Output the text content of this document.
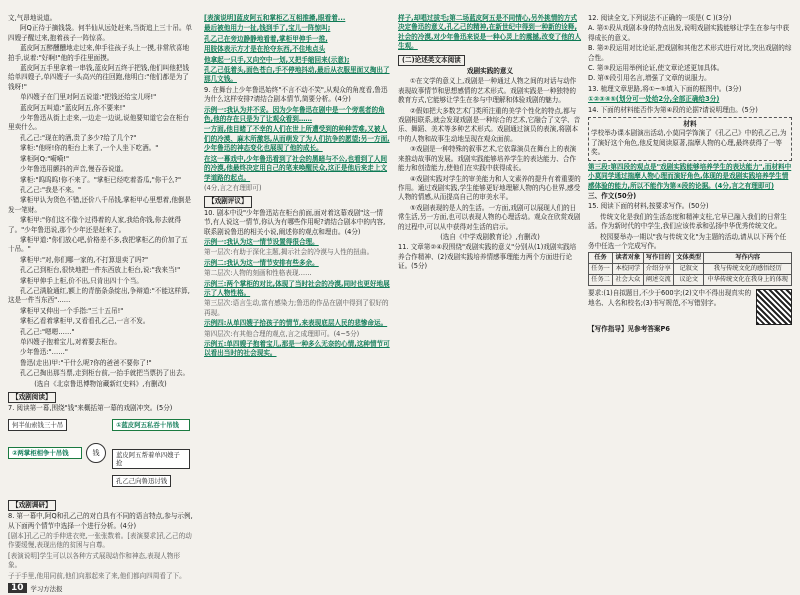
文,气昂地说道。

阿Q正待于摘钱袋。何半仙从远处赶来,当街追上三十吊。单四嫂子醒过来,抱着孩子一阵惊喜。

蓝皮阿五醉醺醺地走过来,伸手往孩子头上一摸,非常欣喜地拍手,说着:"好啊!"他的手往里面摸。

蓝皮阿五手里拿着一串钱,蓝皮阿五终于把钱,他们叫他把钱给单四嫂子,单四嫂子一头高兴的往回跑,他明白:"他们都是为了钱呀!"

单四嫂子在门里对阿五说道:"把钱还给宝儿呀!"

蓝皮阿五叫道:"蓝皮阿五,你不要来!"

少年鲁迅从街上走来,一边走一边说,说他要知道它会在柜台里卖什么。

孔乙己:"现在的酒,贵了多少?给了几个?"

掌柜:"他呀!你的柜台上来了,一个人坐下吃酒。"

掌柜阿Q:"嗬嗬!"

少年鲁迅用颤抖的声音,慢吞吞说道。

掌柜:"呜呜呜!你不来了。"掌柜已经吃着香瓜,"你干么?"

孔乙己:"我是不来。"

掌柜甲认为货色不错,还价八千吊钱,掌柜甲心里想着,他倒是发一笔财。

掌柜甲:"你们这不像个过得着的人家,我给你钱,你去就得了。"少年鲁迅说,那个少年还是赶来了。

掌柜甲道:"你们放心吧,价格差不多,我把掌柜乙的价加了五十吊。"

掌柜甲:"对,你们哪一家的,不打算退卖了吗?"

孔乙己到柜台,很快地把一件东西放上柜台,说:"我来当!"

掌柜甲伸手上柜,价不出,只肯出四十个当。

孔乙己满脸通红,额上的青筋条条绽出,争辩道:"不能这样算,这是一件当东西"……

掌柜甲又伸出一个手指:"三十五吊!"

掌柜乙看着掌柜甲,又看看孔乙己,一言不发。

孔乙己:"嗯嗯……"

单四嫂子抱着宝儿,对着要去柜台。

少年鲁迅:"……"

鲁迅(走出)甲:"干什么呢?你的爸爸不要你了!"

孔乙己掏出那当票,走到柜台前,一抬手就把当票扔了出去。

(选自《北京鲁迅博物馆藏新红史料》,有删改)

【戏剧阅读】

7. 阅读第一幕,围绕"钱"来概括第一幕的戏剧冲突。(5分)

何半仙索钱三十吊
②两掌柜相争十吊钱	钱
①蓝皮阿五私吞十吊钱
蓝皮阿五帮着单四嫂子抢
孔乙己向鲁迅讨钱
【戏剧调研】

8. 第一幕中,阿Q和孔乙己的对白具有不同的语言特点,参与示例,从下面两个情节中选择一个进行分析。(4分)

[剧本]孔乙己的手伸进衣兜,一张张数着。[表演要求]孔乙己的动作要缓慢,表现出他的贫困与自尊。

[表演说明]学生可以以各种方式展现动作和神态,表现人物形象。

子于手里,他用同前,他们向那起来了来,他们都向四周看了下。

[表演说明]蓝皮阿五和掌柜乙互相推搡,眼看着...

最后被他用力一扯,钱到手了,宝儿一阵惊叫;

孔乙己在旁边静静地看着,掌柜甲伸手一推,

用肢体表示方才是在抢夺东西,不住地点头

他拿起一只手,又向空中一划,又把手缩回来(示意);

孔乙己低着头,面色苍白,手不停地抖动,最后从衣服里面又掏出了那几文钱。

9. 在舞台上少年鲁迅始终"不言不动不笑",从观众的角度看,鲁迅为什么这样安排?请结合剧本情节,简要分析。(4分)

示例一:我认为并不妥。因为少年鲁迅在剧中是一个旁观者的角色,他的存在只是为了让观众看到……

一方面,他目睹了不幸的人们在世上所遭受到的种种苦难,又被人们的冷漠、麻木所激怒,从而萌发了为人们抗争的愿望;另一方面,少年鲁迅的神态变化也展现了他的成长。

在这一幕戏中,少年鲁迅看到了社会的黑暗与不公,也看到了人间的冷漠,他最终决定用自己的笔来唤醒民众,这正是他后来走上文学道路的起点。

(4分,言之有理即可)

【戏剧评议】

10. 剧本中设"少年鲁迅站在柜台前面,面对着这幕戏剧"这一情节,有人说这一情节,你认为有哪些作用呢?请结合剧本中的内容,联系剧说鲁迅的相关小说,阐述你的观点和理由。(4分)

示例一:我认为这一情节设置得很合理。

第一层次:有助于深化主题,揭示社会的冷漠与人性的扭曲。

示例二:我认为这一情节安排有些多余。

第二层次:人物的刻画和性格表现……

示例三:两个掌柜的对比,体现了当时社会的冷漠,同时也更好地展示了人物性格。

第三层次:语言生动,富有感染力;鲁迅的作品在剧中得到了很好的再现。

示例四:从单四嫂子拾孩子的情节,来表现底层人民的悲惨命运。

第四层次:有其他合理的观点,言之成理即可。(4~5分)

示例五:单四嫂子抱着宝儿,那是一种多么无奈的心情,这种情节可以看出当时的社会现实。

样子,却唱过拔毛;第二场蓝皮阿五是不同情心,另外挑情的方式决定鲁迅的意义,孔乙己的精神,在新世纪中得到一种新的诠释,社会的冷漠,对少年鲁迅来说是一种心灵上的震撼,改变了他的人生观。

(二)论述类文本阅读

戏剧实践的意义

①在文学的意义上,戏剧是一种通过人物之间的对话与动作表现故事情节和思想感情的艺术形式。戏剧实践是一种独特的教育方式,它能够让学生在参与中理解和体验戏剧的魅力。

②假如把大多数艺术门类所注重的美学个性化的特点,都与戏剧相联系,就会发现戏剧是一种综合的艺术,它融合了文学、音乐、舞蹈、美术等多种艺术形式。戏剧通过演员的表演,将剧本中的人物和故事生动地呈现在观众面前。

③戏剧是一种特殊的叙事艺术,它依靠演员在舞台上的表演来推动故事的发展。戏剧实践能够培养学生的表达能力、合作能力和创造能力,使他们在实践中获得成长。

④戏剧实践对学生的审美能力和人文素养的提升有着重要的作用。通过戏剧实践,学生能够更好地理解人物的内心世界,感受人物的情感,从而提高自己的审美水平。

⑤戏剧表现的是人的生活。一方面,戏剧可以展现人们的日常生活,另一方面,也可以表现人物的心理活动。观众在欣赏戏剧的过程中,可以从中获得对生活的启示。

(选自《中学戏剧教育论》,有删改)

11. 文章第②④段围绕"戏剧实践的意义"分别从(1)戏剧实践培养合作精神、(2)戏剧实践培养情感事理能力两个方面进行论证。(5分)

12. 阅读全文,下列说法不正确的一项是( C )(3分)

A. 第①段从戏剧本身的特点出发,说明戏剧实践能够让学生在参与中获得成长的意义。

B. 第②段运用对比论证,把戏剧和其他艺术形式进行对比,突出戏剧的综合性。

C. 第③段运用举例论证,使文章论述更加具体。

D. 第⑤段引用名言,增强了文章的说服力。

13. 梳理文章思路,将①~⑤填入下面的框图中。(3分)

①②③④⑤(划分可一处给2分,全部正确给3分)

14. 下面的材料能否作为第④段的论据?请说明理由。(5分)

材料
学校举办课本剧演出活动,小莫同学饰演了《孔乙己》中的孔乙己,为了演好这个角色,他反复阅读原著,揣摩人物的心理,最终获得了一等奖。

第三段:第四段的观点是"戏剧实践能够培养学生的表达能力",而材料中小莫同学通过揣摩人物心理而演好角色,体现的是戏剧实践培养学生情感体验的能力,所以不能作为第④段的论据。(4分,言之有理即可)

三、作文(50分)

15. 阅读下面的材料,按要求写作。(50分)

传统文化是我们的生活态度和精神支柱,它早已融入我们的日常生活。作为新时代的中学生,我们应该传承和弘扬中华优秀传统文化。

校园要举办一期以"我与传统文化"为主题的活动,请从以下两个任务中任选一个完成写作。

任务	读者对象	写作目的	文体类型	写作内容
任务一	本校同学	介绍分享	记叙文	我与传统文化的感悟经历
任务二	社会大众	阐述交流	议论文	中华传统文化在我身上的体现

要求:(1)自拟题目,不少于600字;(2)文中不得出现真实的地名、人名和校名;(3)书写规范,不写错别字。

【写作指导】见参考答案P6

10	学习方法报
